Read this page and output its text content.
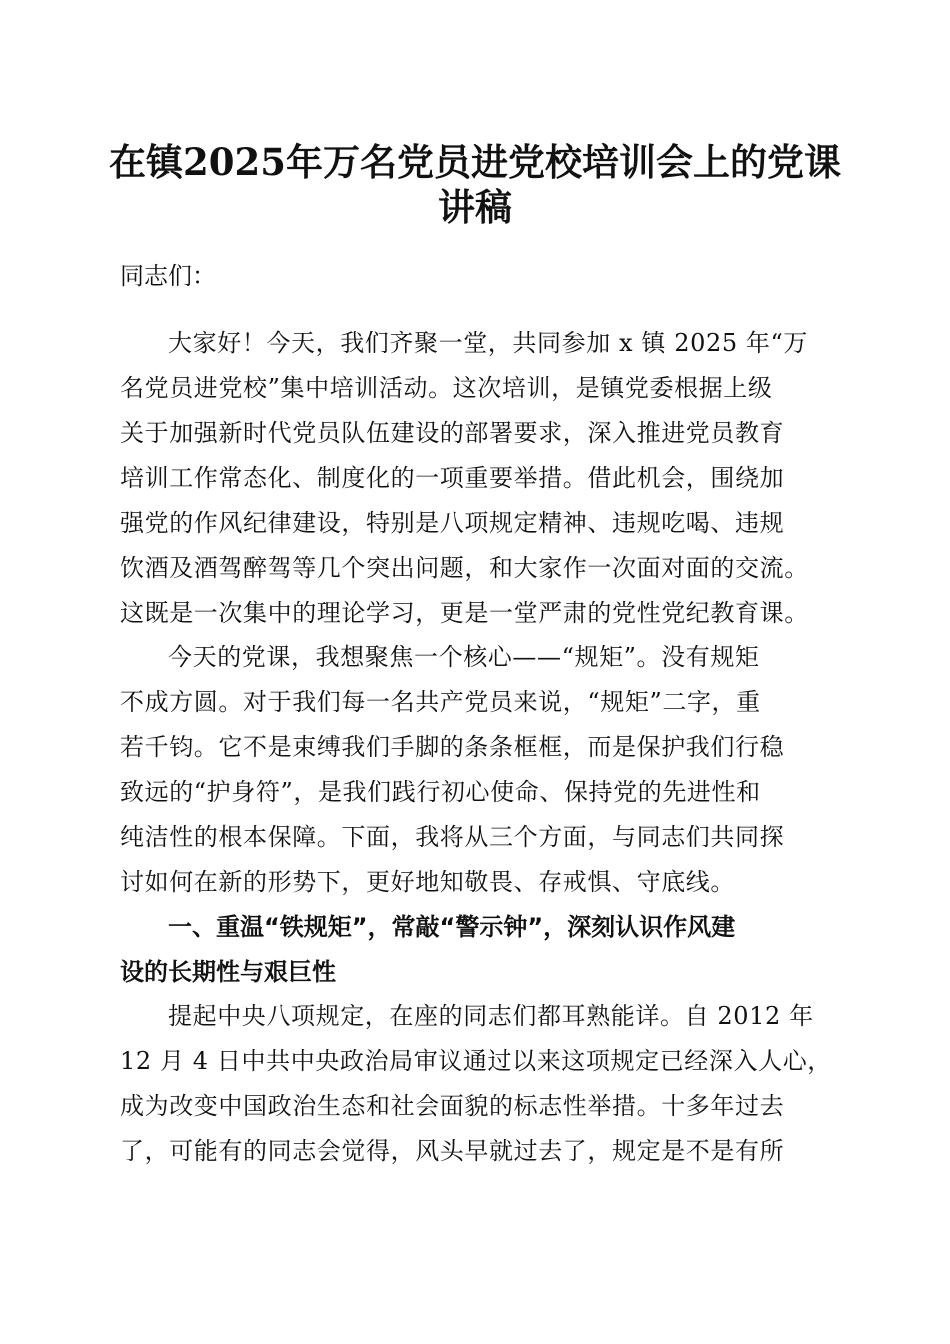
在镇2025年万名党员进党校培训会上的党课
讲稿

同志们：

大家好！今天，我们齐聚一堂，共同参加 x 镇 2025 年“万

名党员进党校”集中培训活动。这次培训，是镇党委根据上级

关于加强新时代党员队伍建设的部署要求，深入推进党员教育

培训工作常态化、制度化的一项重要举措。借此机会，围绕加

强党的作风纪律建设，特别是八项规定精神、违规吃喝、违规

饮酒及酒驾醉驾等几个突出问题，和大家作一次面对面的交流。

这既是一次集中的理论学习，更是一堂严肃的党性党纪教育课。

今天的党课，我想聚焦一个核心——“规矩”。没有规矩

不成方圆。对于我们每一名共产党员来说，“规矩”二字，重

若千钧。它不是束缚我们手脚的条条框框，而是保护我们行稳

致远的“护身符”，是我们践行初心使命、保持党的先进性和

纯洁性的根本保障。下面，我将从三个方面，与同志们共同探

讨如何在新的形势下，更好地知敬畏、存戒惧、守底线。

一、重温“铁规矩”，常敲“警示钟”，深刻认识作风建

设的长期性与艰巨性

提起中央八项规定，在座的同志们都耳熟能详。自 2012 年

12 月 4 日中共中央政治局审议通过以来这项规定已经深入人心，

成为改变中国政治生态和社会面貌的标志性举措。十多年过去

了，可能有的同志会觉得，风头早就过去了，规定是不是有所
